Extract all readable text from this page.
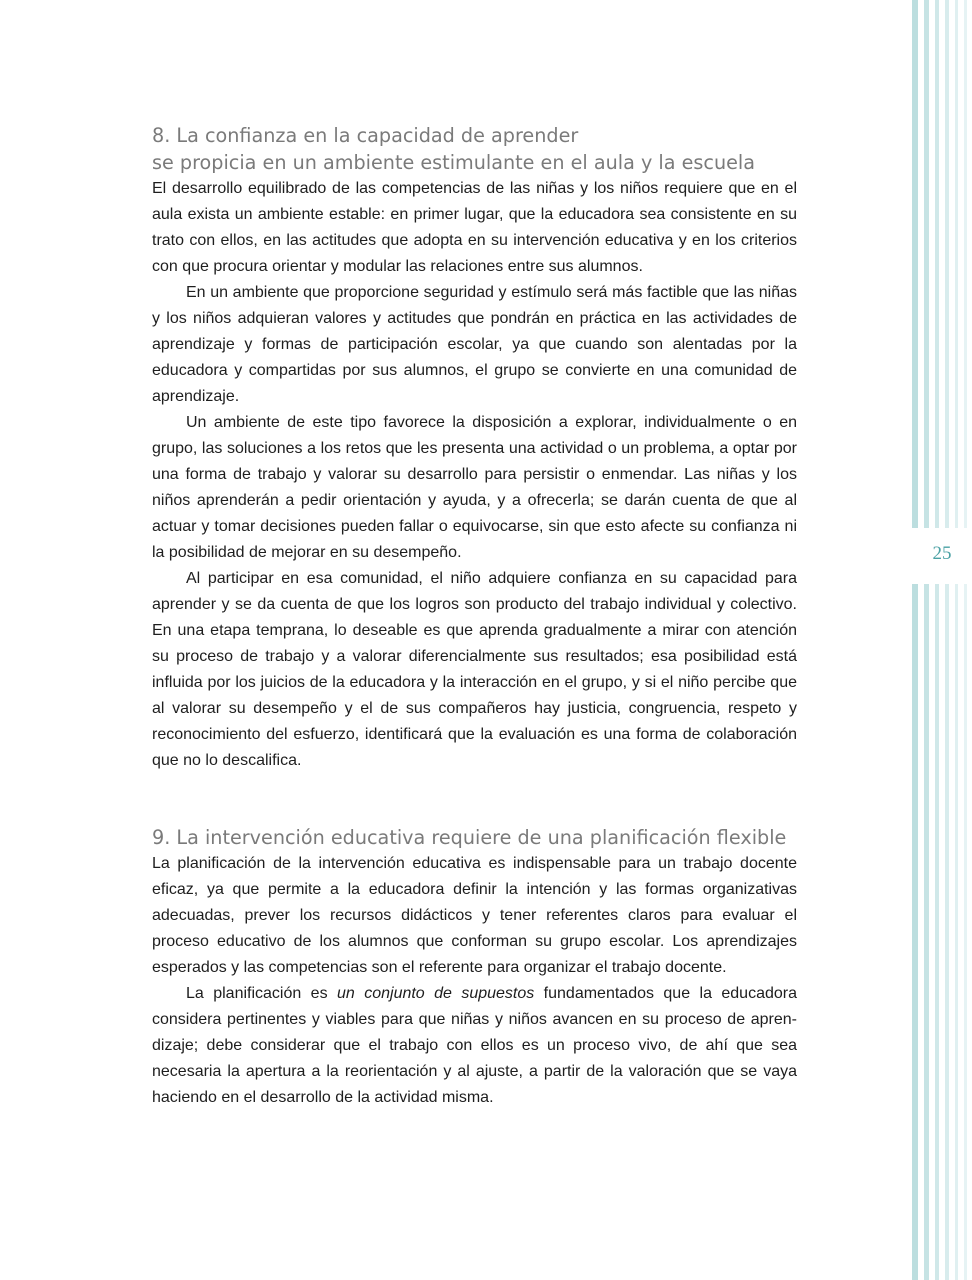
25
8. La confianza en la capacidad de aprender
se propicia en un ambiente estimulante en el aula y la escuela

El desarrollo equilibrado de las competencias de las niñas y los niños requiere que en el aula exista un ambiente estable: en primer lugar, que la educadora sea consistente en su trato con ellos, en las actitudes que adopta en su intervención educativa y en los criterios con que procura orientar y modular las relaciones entre sus alumnos.

En un ambiente que proporcione seguridad y estímulo será más factible que las niñas y los niños adquieran valores y actitudes que pondrán en práctica en las actividades de aprendizaje y formas de participación escolar, ya que cuando son alentadas por la educadora y compartidas por sus alumnos, el grupo se convierte en una comunidad de aprendizaje.

Un ambiente de este tipo favorece la disposición a explorar, individualmente o en grupo, las soluciones a los retos que les presenta una actividad o un problema, a optar por una forma de trabajo y valorar su desarrollo para persistir o enmendar. Las niñas y los niños aprenderán a pedir orientación y ayuda, y a ofrecerla; se darán cuenta de que al actuar y tomar decisiones pueden fallar o equivocarse, sin que esto afecte su confianza ni la posibilidad de mejorar en su desempeño.

Al participar en esa comunidad, el niño adquiere confianza en su capacidad para aprender y se da cuenta de que los logros son producto del trabajo individual y colectivo. En una etapa temprana, lo deseable es que aprenda gradualmente a mirar con atención su proceso de trabajo y a valorar diferencialmente sus resultados; esa posibilidad está influida por los juicios de la educadora y la interacción en el grupo, y si el niño percibe que al valorar su desempeño y el de sus compañeros hay justicia, congruencia, respeto y reconocimiento del esfuerzo, identificará que la evaluación es una forma de colaboración que no lo descalifica.

9. La intervención educativa requiere de una planificación flexible

La planificación de la intervención educativa es indispensable para un trabajo docente eficaz, ya que permite a la educadora definir la intención y las formas organizativas adecuadas, prever los recursos didácticos y tener referentes claros para evaluar el proceso educativo de los alumnos que conforman su grupo escolar. Los aprendizajes esperados y las competencias son el referente para organizar el trabajo docente.

La planificación es un conjunto de supuestos fundamentados que la educadora considera pertinentes y viables para que niñas y niños avancen en su proceso de aprendizaje; debe considerar que el trabajo con ellos es un proceso vivo, de ahí que sea necesaria la apertura a la reorientación y al ajuste, a partir de la valoración que se vaya haciendo en el desarrollo de la actividad misma.
